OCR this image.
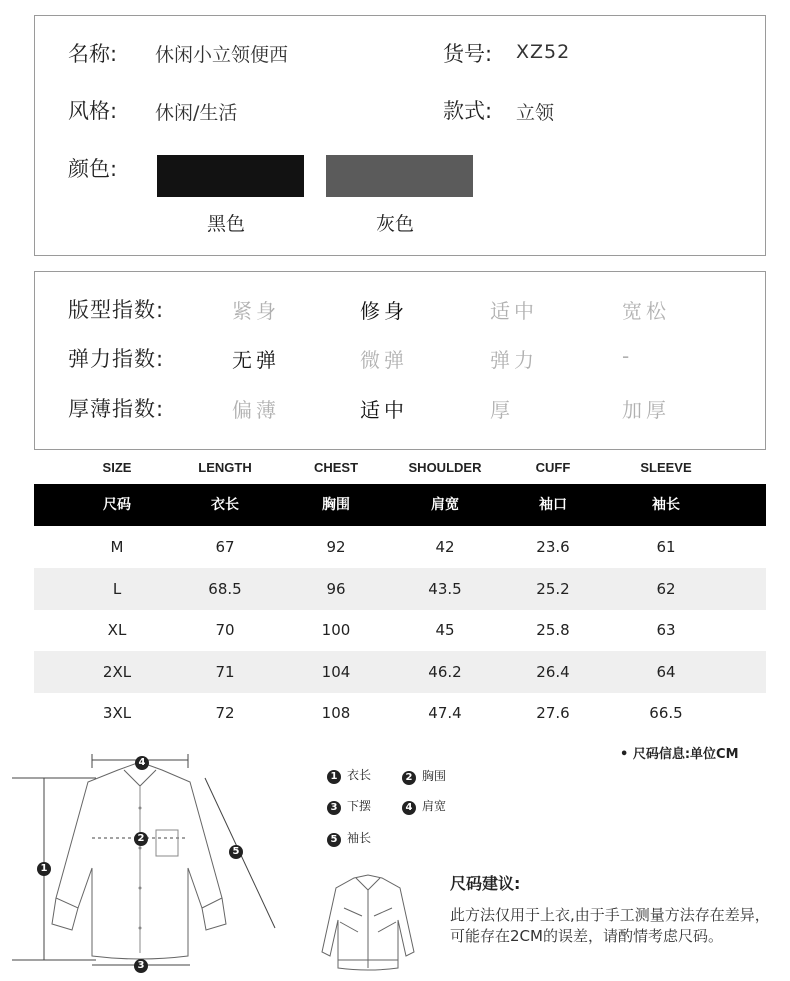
名称: 休闲小立领便西	货号: XZ52
风格: 休闲/生活	款式: 立领
颜色:
黑色	灰色
版型指数:	紧身	修身	适中	宽松
弹力指数:	无弹	微弹	弹力	-
厚薄指数:	偏薄	适中	厚	加厚
SIZE	LENGTH	CHEST	SHOULDER	CUFF	SLEEVE
尺码	衣长	胸围	肩宽	袖口	袖长
M	67	92	42	23.6	61
L	68.5	96	43.5	25.2	62
XL	70	100	45	25.8	63
2XL	71	104	46.2	26.4	64
3XL	72	108	47.4	27.6	66.5
• 尺码信息:单位CM
4
1
2
5
3
1 衣长	2 胸围
3 下摆	4 肩宽
5 袖长
尺码建议:
此方法仅用于上衣,由于手工测量方法存在差异，可能存在2CM的误差，请酌情考虑尺码。
